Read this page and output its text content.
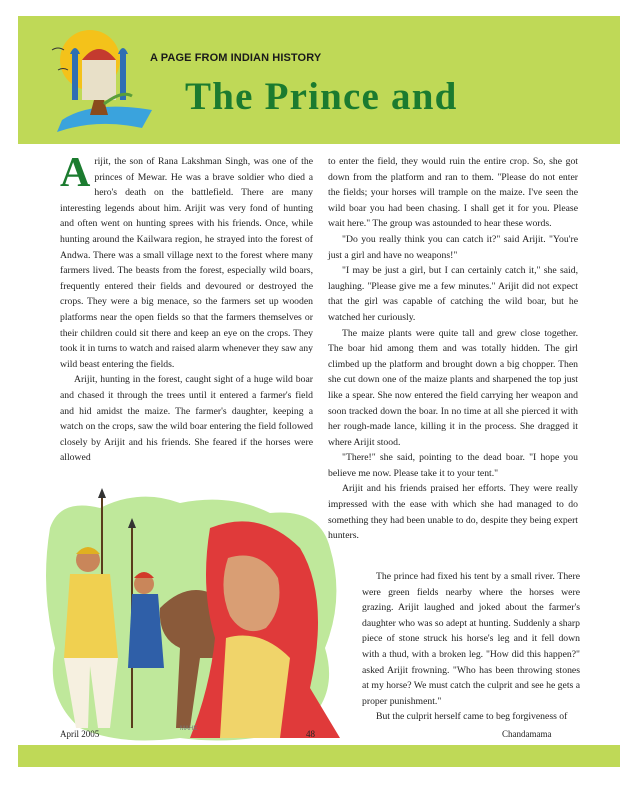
A PAGE FROM INDIAN HISTORY
The Prince and

Arijit, the son of Rana Lakshman Singh, was one of the princes of Mewar. He was a brave soldier who died a hero's death on the battlefield. There are many interesting legends about him. Arijit was very fond of hunting and often went on hunting sprees with his friends. Once, while hunting around the Kailwara region, he strayed into the forest of Andwa. There was a small village next to the forest where many farmers lived. The beasts from the forest, especially wild boars, frequently entered their fields and devoured or destroyed the crops. They were a big menace, so the farmers set up wooden platforms near the open fields so that the farmers themselves or their children could sit there and keep an eye on the crops. They took it in turns to watch and raised alarm whenever they saw any wild beast entering the fields.

Arijit, hunting in the forest, caught sight of a huge wild boar and chased it through the trees until it entered a farmer's field and hid amidst the maize. The farmer's daughter, keeping a watch on the crops, saw the wild boar entering the field followed closely by Arijit and his friends. She feared if the horses were allowed

to enter the field, they would ruin the entire crop. So, she got down from the platform and ran to them. "Please do not enter the fields; your horses will trample on the maize. I've seen the wild boar you had been chasing. I shall get it for you. Please wait here." The group was astounded to hear these words.

"Do you really think you can catch it?" said Arijit. "You're just a girl and have no weapons!"

"I may be just a girl, but I can certainly catch it," she said, laughing. "Please give me a few minutes." Arijit did not expect that the girl was capable of catching the wild boar, but he watched her curiously.

The maize plants were quite tall and grew close together. The boar hid among them and was totally hidden. The girl climbed up the platform and brought down a big chopper. Then she cut down one of the maize plants and sharpened the top just like a spear. She now entered the field carrying her weapon and soon tracked down the boar. In no time at all she pierced it with her rough-made lance, killing it in the process. She dragged it where Arijit stood.

"There!" she said, pointing to the dead boar. "I hope you believe me now. Please take it to your tent."

Arijit and his friends praised her efforts. They were really impressed with the ease with which she had managed to do something they had been unable to do, despite they being expert hunters.

The prince had fixed his tent by a small river. There were green fields nearby where the horses were grazing. Arijit laughed and joked about the farmer's daughter who was so adept at hunting. Suddenly a sharp piece of stone struck his horse's leg and it fell down with a thud, with a broken leg. "How did this happen?" asked Arijit frowning. "Who has been throwing stones at my horse? We must catch the culprit and see he gets a proper punishment."

But the culprit herself came to beg forgiveness of

MAHE
April 2005	48	Chandamama
